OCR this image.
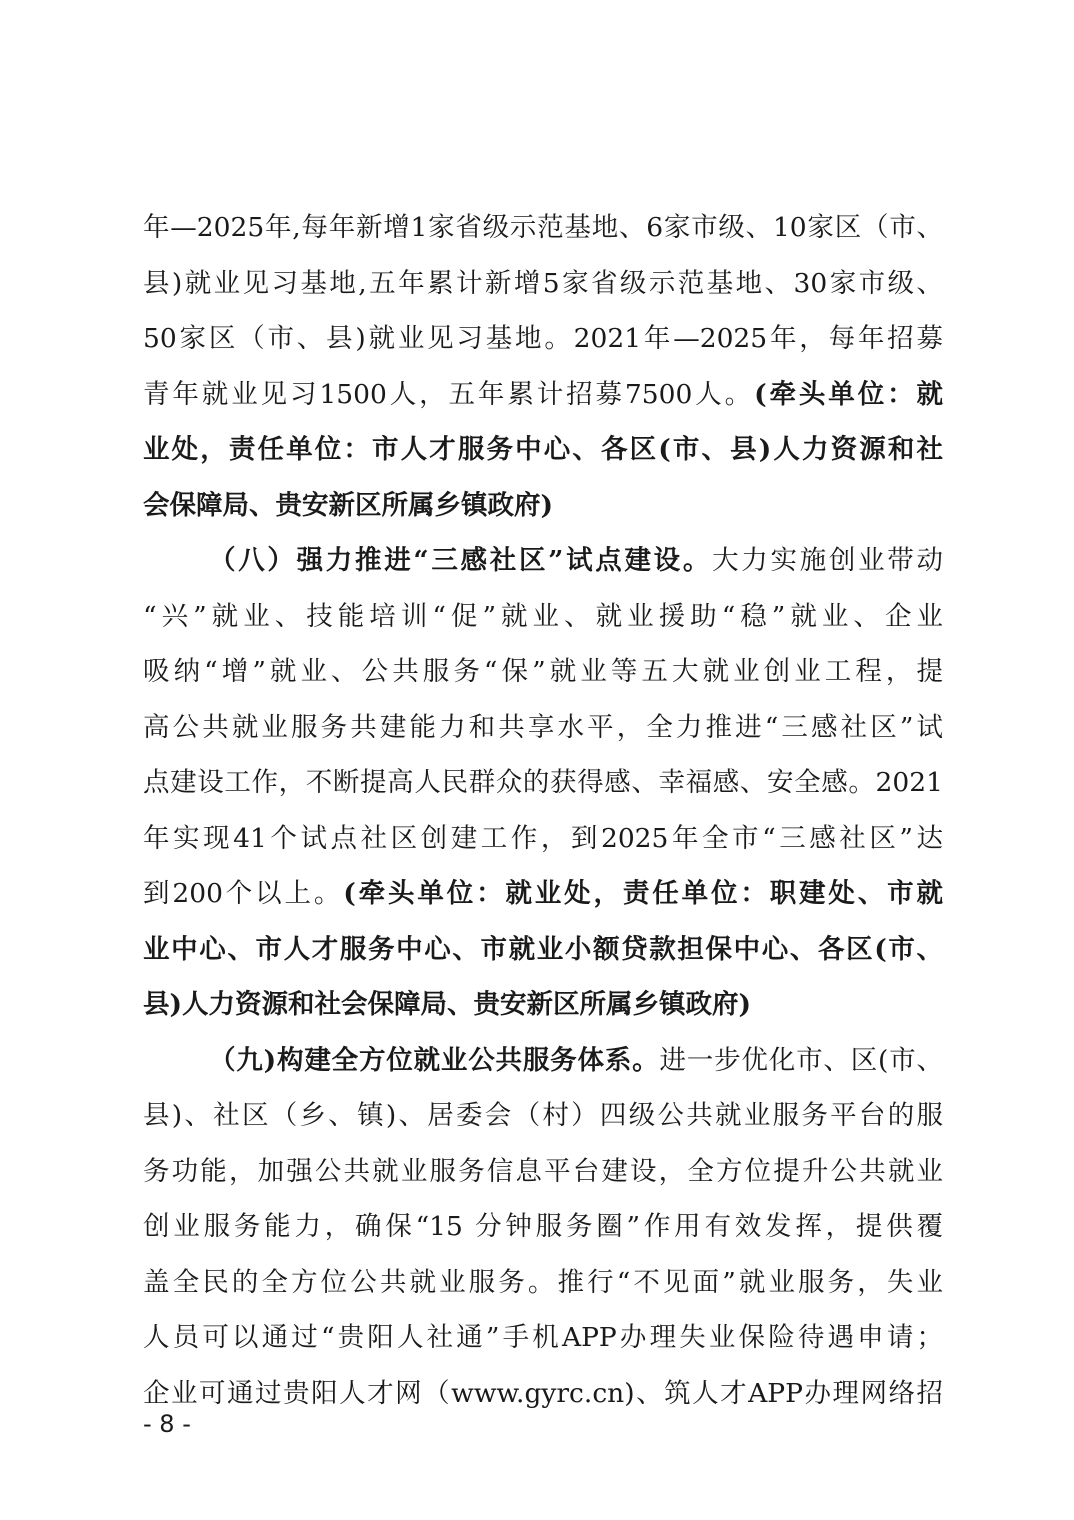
年—2025年,每年新增1家省级示范基地、6家市级、10家区（市、
县)就业见习基地,五年累计新增5家省级示范基地、30家市级、
50家区（市、县)就业见习基地。2021年—2025年，每年招募
青年就业见习1500人，五年累计招募7500人。(牵头单位：就
业处，责任单位：市人才服务中心、各区(市、县)人力资源和社
会保障局、贵安新区所属乡镇政府)
（八）强力推进“三感社区”试点建设。大力实施创业带动
“兴”就业、技能培训“促”就业、就业援助“稳”就业、企业
吸纳“增”就业、公共服务“保”就业等五大就业创业工程，提
高公共就业服务共建能力和共享水平，全力推进“三感社区”试
点建设工作，不断提高人民群众的获得感、幸福感、安全感。2021
年实现41个试点社区创建工作，到2025年全市“三感社区”达
到200个以上。(牵头单位：就业处，责任单位：职建处、市就
业中心、市人才服务中心、市就业小额贷款担保中心、各区(市、
县)人力资源和社会保障局、贵安新区所属乡镇政府)
（九)构建全方位就业公共服务体系。进一步优化市、区(市、
县)、社区（乡、镇)、居委会（村）四级公共就业服务平台的服
务功能，加强公共就业服务信息平台建设，全方位提升公共就业
创业服务能力，确保“15 分钟服务圈”作用有效发挥，提供覆
盖全民的全方位公共就业服务。推行“不见面”就业服务，失业
人员可以通过“贵阳人社通”手机APP办理失业保险待遇申请；
企业可通过贵阳人才网（www.gyrc.cn)、筑人才APP办理网络招
- 8 -
